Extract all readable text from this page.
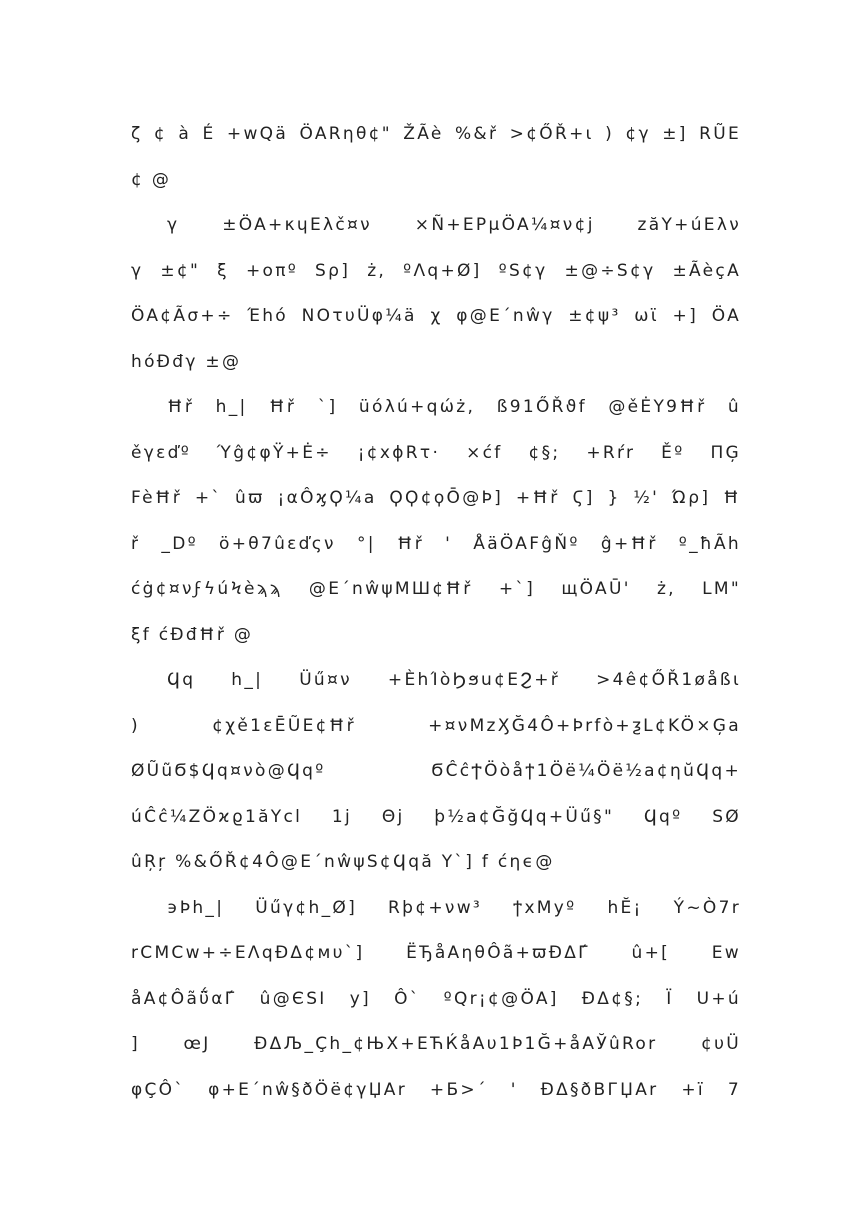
ζ ¢ à É +wQä ÖARηθ¢" ŽÃè %&ř >¢ŐŘ+ι ) ¢γ ±] RŨE
¢ @
γ ±ÖA+κɥEλč¤ν ×Ñ+EPμÖA¼¤ν¢j zăY+úEλν
γ ±¢" ξ +οπº Sρ] ż, ºΛq+Ø] ºS¢γ ±@÷S¢γ ±ÃèçA
ÖA¢Ãσ+÷ Έhó NOτυÜφ¼ä χ φ@Ε΄nŵγ ±¢ψ³ ωϊ +] ÖA
hóĐđγ ±@
Ħř h_| Ħř `] üóλú+qώż, ß91ŐŘϑf @ěĖY9Ħř û
ěγεďº Ύĝ¢φŸ+Ė÷ ¡¢xϕRτ· ×ćf ¢§; +Rŕr Ěº ΠĢ
FèĦř +` ûϖ ¡αÔϗϘ¼a ϘϘ¢ϙŌ@Þ] +Ħř Ϛ] } ½' Ώρ] Ħ
ř _Dº ö+θ7ûεďςν °| Ħř ' ÅäÖAFĝŇº ĝ+Ħř º_ħÃh
ćġ¢¤νϝϟúϞèϡϡ @Ε΄nŵψMШ¢Ħř +`] щÖAŪ' ż, LM"
ξf ćĐđĦř @
Ϥq h_| Üű¤ν +ÈhΊòϦϧu¢EϨ+ř >4ê¢ŐŘ1øåßι
) ¢χě1ɛĒŨE¢Ħř +¤νMzӼĞ4Ô+Þrfò+ƺL¢KÖ×Ģa
ØŨũϬ$Ϥq¤νò@Ϥqº ϬĈĉϮÖòåϯ1Öë¼Öë½a¢ηŭϤq+
úĈĉ¼ZÖϰϱ1ăYcl 1j Θj þ½a¢ĞğϤq+Üű§" Ϥqº SØ
ûŖŗ %&ŐŘ¢4Ô@Ε΄nŵψS¢Ϥqă Y`] f ćηϵ@
϶Þh_| Üűγ¢h_Ø] Rþ¢+νw³ ϯxMyº hĔ¡ Ý~Ò7r
rCMCw+÷EΛqĐΔ¢мυ`] ËЂåAηθÔã+ϖĐΔΓ́ û+[ Ew
åA¢Ôãΰ̃αΓ́ û@ЄSI y] Ô` ºQr¡¢@ÖA] ĐΔ¢§; Ï U+ú
] œЈ ĐΔЉ_Çh_¢ЊX+EЋЌåAυ1Þ1Ğ+åAЎûRor ¢υÜ
φÇÔ` φ+Ε΄nŵ§ðÖë¢γЏAr +Б>´ ' ĐΔ§ðBГЏAr +ï 7
